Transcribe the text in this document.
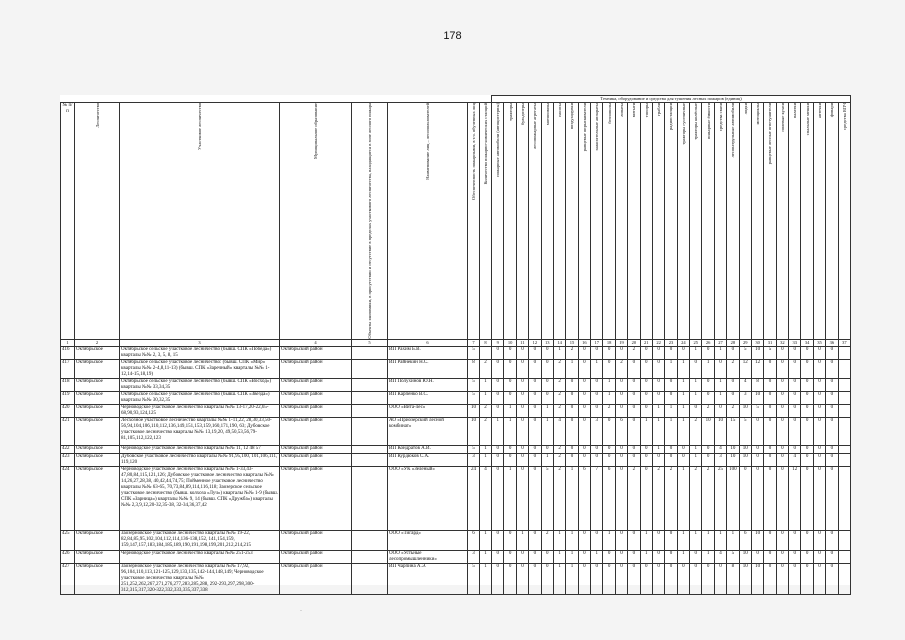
178
								Техника, оборудование и средства для тушения лесных пожаров (единиц)																												

№ п/п	Лесничество	Участковое лесничество	Муниципальное образование	Объекты экономики, в присутствии и отсутствие в пределах участкового лесничества, находящиеся в зоне лесного пожара	Наименование лиц – лесопользователей	Обеспеченность пожарными, в т.ч. обученных лиц	Количество пожарно-химических станций	пожарные автомобили (автоцистерны)	тракторы	бульдозеры	лесопожарные агрегаты	мотопомпы	насосы	воздуходувки	ранцевые опрыскиватели	зажигательные аппараты	бензопилы	лопаты	мотыги	топоры	грабли	радиостанции	тракторы гусеничные	тракторы колёсные	пожарные ёмкости	средства связи	лесопатрульные автомобили	лодки	мотоциклы	ранцевые лесные огнетушители	полевые кухни	палатки	спальные мешки	аптечки	фонари	средства ВПЧ

1	2	3	4	5	6	7	8	9	10	11	12	13	14	15	16	17	18	19	20	21	22	23	24	25	26	27	28	29	30	31	32	33	34	35	36	37
416	Октябрьское	Октябрьское сельское участковое лесничество (бывш. СПК «Победа») кварталы №№ 2, 3, 5, 8, 15	Октябрьский район		ИП Рахим Б.В.	5		0	0	0	0	0	1	2	0	0	0	0	2	0	0	0	0	1	0	1	0	5	10	5	0	0	0	0	0	
417	Октябрьское	Октябрьское сельское участковое лесничество: (бывш. СПК «Мир» кварталы №№ 2-4,8,11-13) (бывш. СПК «Заречный» кварталы №№ 1-12,14-15,18,19)	Октябрьский район		ИП Райнекин Н.С.	8	2	0	0	0	0	0	2	1	0	1	0	2	0	0	0	1	1	0	1	0	2	12	12	0	0	0	0	0	0	
418	Октябрьское	Октябрьское сельское участковое лесничество (бывш. СПК «Восход») кварталы №№ 33,34,35	Октябрьский район		ИП Полухинов Ю.Н.	5	1	0	0	0	0	0	2	0	0	0	1	0	0	0	0	0	1	1	0	1	0	4	8	0	0	0	0	0	0	
419	Октябрьское	Октябрьское сельское участковое лесничество (бывш. СПК «Звезда») кварталы №№ 30,32,35	Октябрьский район		ИП Карпенко В.С.	5	1	0	0	0	0	0	2	0	0	0	1	0	0	0	0	0	1	1	0	1	0	3	10	0	0	0	0	0	0	
420	Октябрьское	Черноводское участковое лесничество кварталы №№ 13-17,20-22,65-68,90,93,124,125	Октябрьский район		ООО «Вита-лес»	10	2	0	1	0	0	1	2	0	0	0	2	0	0	0	1	1	1	0	2	0	2	10	5	0	0	0	0	0	0	
421	Октябрьское	Лесхозное участковое лесничество кварталы №№ 1-11,22, 28,30,33,50-56,94,104,106,110,112,136,149,151,153,159,160,171,190, 63; Дубовское участковое лесничество кварталы №№ 13,19,20, 49,50,53,56,79-81,105,112,122,123	Октябрьский район		АО «Приозерский лесной комбинат»	10	2	1	1	0	0	1	4	0	0	3	0	6	0	1	1	1	1	2	10	10	15	5	0	0	0	0	0	0	0	
422	Октябрьское	Черноводское участковое лесничество кварталы №№ 11, 12 48 57	Октябрьский район		ИП Кондратов А.И.	5	1	0	0	0	0	0	2	0	0	0	0	0	0	0	1	0	0	1	0	4	10	10	0	0	0	0	0	0	0	
423	Октябрьское	Дубовское участковое лесничество кварталы №№ 91,95,100, 101,106,111, 119,120	Октябрьский район		ИП Курдюков С.А.	3	1	0	0	0	0	1	2	0	0	0	0	0	0	0	0	0	0	1	0	3	10	10	0	0	0	4	0	0	0	
424	Октябрьское	Черноводское участковое лесничество кварталы №№ 1-33,43-47,80,84,115,121,126; Дубовское участковое лесничество кварталы №№ 14,26,27,28,38, 40,42,44,74,75; Пойменное участковое лесничество кварталы №№ 63-65, 70,73,84,89,114,116,118; Заозерское сельское участковое лесничество (бывш. колхоза «Луч») кварталы №№ 1-9 (бывш. СПК «Зарница») кварталы №№ 9, 14 (бывш. СПК «Дружба») кварталы №№ 2,3,9,12,20-32,35-38, 32-34,36,37,42	Октябрьский район		ООО «УК «Зеленый»	24	4	0	1	0	0	5	2	1	6	7	6	0	2	0	2	2	1	2	2	25	100	0	0	0	0	12	0	0	0	
425	Октябрьское	Заозерновское участковое лесничество кварталы №№ 19-22, 82,84,85,95,102,104,112,114,136-138,152, 141,154,159, 159,147,157,183,184,185,189,190,191,198,199,201,212,214,215	Октябрьский район		ООО «Тигард»	6	1	0	0	1	0	2	1	1	0	0	1	0	0	1	0	0	1	1	1	1	1	6	10	0	0	0	0	0	0	
426	Октябрьское	Черноводское участковое лесничество кварталы №№ 251-253	Октябрьский район		ООО «Устьные лесопромышленники»	3	1	0	0	0	0	0	1	1	0	1	0	0	0	1	0	0	1	0	1	4	5	10	0	0	0	0	0	0	0	
427	Октябрьское	Заозерновское участковое лесничество кварталы №№ 17,92, 96,104,110,113,121-125,129,133,135,142-144,148,149; Черноводское участковое лесничество кварталы №№ 251,252,262,267,271,276,277,283,285,288, 292-293,297,298,300-312,315,317,320-322,332,333,335,337,338	Октябрьский район		ИП Чарпина А.Э.	5	1	0	0	0	0	0	1	1	0	0	0	0	0	0	0	0	0	0	0	0	8	10	10	0	0	0	0	0	0	
·
